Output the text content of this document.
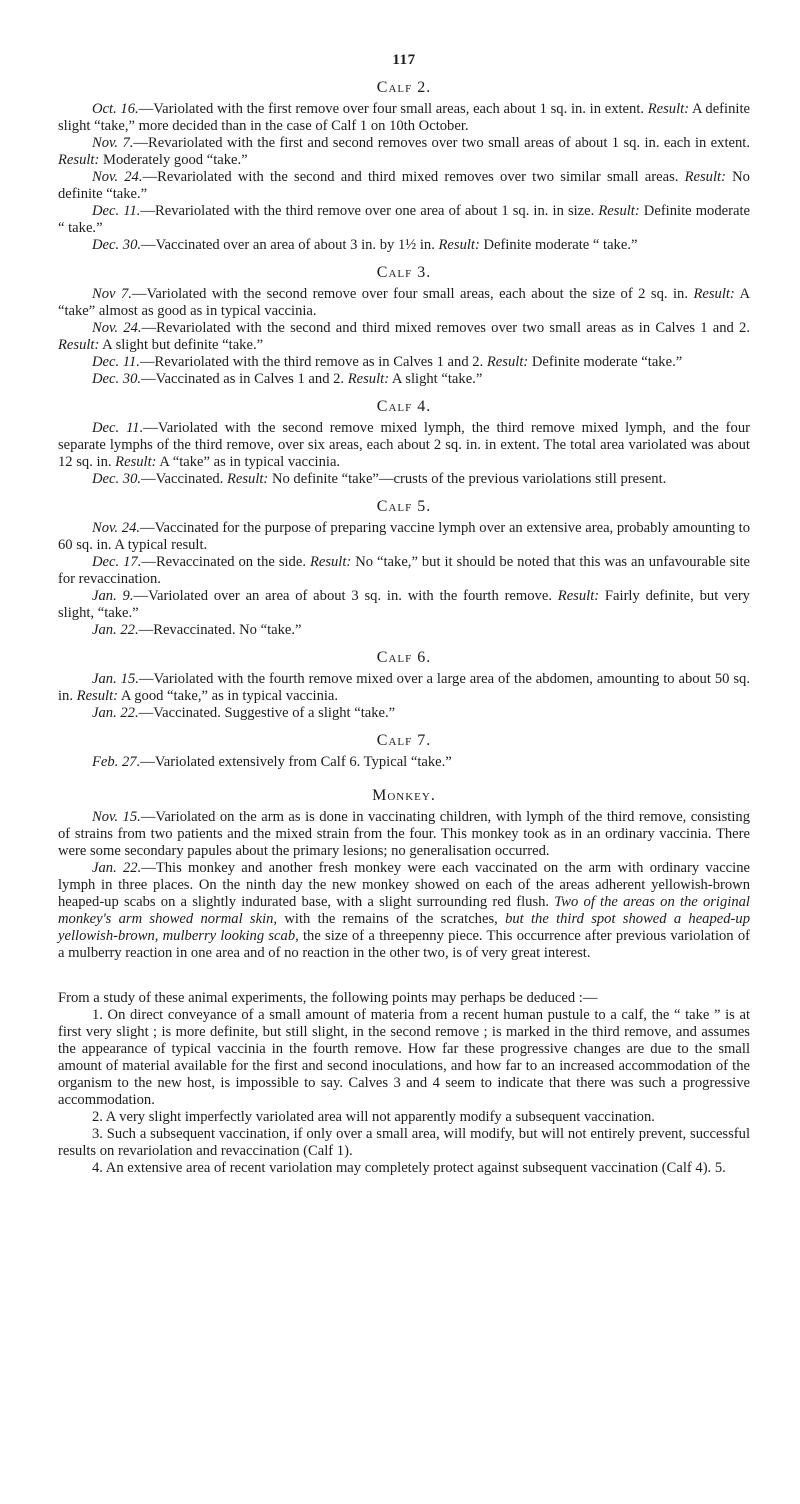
117
Calf 2.

Oct. 16.—Variolated with the first remove over four small areas, each about 1 sq. in. in extent. Result: A definite slight “take,” more decided than in the case of Calf 1 on 10th October.

Nov. 7.—Revariolated with the first and second removes over two small areas of about 1 sq. in. each in extent. Result: Moderately good “take.”

Nov. 24.—Revariolated with the second and third mixed removes over two similar small areas. Result: No definite “take.”

Dec. 11.—Revariolated with the third remove over one area of about 1 sq. in. in size. Result: Definite moderate “ take.”

Dec. 30.—Vaccinated over an area of about 3 in. by 1½ in. Result: Definite moderate “ take.”

Calf 3.

Nov 7.—Variolated with the second remove over four small areas, each about the size of 2 sq. in. Result: A “take” almost as good as in typical vaccinia.

Nov. 24.—Revariolated with the second and third mixed removes over two small areas as in Calves 1 and 2. Result: A slight but definite “take.”

Dec. 11.—Revariolated with the third remove as in Calves 1 and 2. Result: Definite moderate “take.”

Dec. 30.—Vaccinated as in Calves 1 and 2. Result: A slight “take.”

Calf 4.

Dec. 11.—Variolated with the second remove mixed lymph, the third remove mixed lymph, and the four separate lymphs of the third remove, over six areas, each about 2 sq. in. in extent. The total area variolated was about 12 sq. in. Result: A “take” as in typical vaccinia.

Dec. 30.—Vaccinated. Result: No definite “take”—crusts of the previous variolations still present.

Calf 5.

Nov. 24.—Vaccinated for the purpose of preparing vaccine lymph over an extensive area, probably amounting to 60 sq. in. A typical result.

Dec. 17.—Revaccinated on the side. Result: No “take,” but it should be noted that this was an unfavourable site for revaccination.

Jan. 9.—Variolated over an area of about 3 sq. in. with the fourth remove. Result: Fairly definite, but very slight, “take.”

Jan. 22.—Revaccinated. No “take.”

Calf 6.

Jan. 15.—Variolated with the fourth remove mixed over a large area of the abdomen, amounting to about 50 sq. in. Result: A good “take,” as in typical vaccinia.

Jan. 22.—Vaccinated. Suggestive of a slight “take.”

Calf 7.

Feb. 27.—Variolated extensively from Calf 6. Typical “take.”

Monkey.

Nov. 15.—Variolated on the arm as is done in vaccinating children, with lymph of the third remove, consisting of strains from two patients and the mixed strain from the four. This monkey took as in an ordinary vaccinia. There were some secondary papules about the primary lesions; no generalisation occurred.

Jan. 22.—This monkey and another fresh monkey were each vaccinated on the arm with ordinary vaccine lymph in three places. On the ninth day the new monkey showed on each of the areas adherent yellowish-brown heaped-up scabs on a slightly indurated base, with a slight surrounding red flush. Two of the areas on the original monkey's arm showed normal skin, with the remains of the scratches, but the third spot showed a heaped-up yellowish-brown, mulberry looking scab, the size of a threepenny piece. This occurrence after previous variolation of a mulberry reaction in one area and of no reaction in the other two, is of very great interest.

From a study of these animal experiments, the following points may perhaps be deduced :—

1. On direct conveyance of a small amount of materia from a recent human pustule to a calf, the “ take ” is at first very slight ; is more definite, but still slight, in the second remove ; is marked in the third remove, and assumes the appearance of typical vaccinia in the fourth remove. How far these progressive changes are due to the small amount of material available for the first and second inoculations, and how far to an increased accommodation of the organism to the new host, is impossible to say. Calves 3 and 4 seem to indicate that there was such a progressive accommodation.

2. A very slight imperfectly variolated area will not apparently modify a subsequent vaccination.

3. Such a subsequent vaccination, if only over a small area, will modify, but will not entirely prevent, successful results on revariolation and revaccination (Calf 1).

4. An extensive area of recent variolation may completely protect against subsequent vaccination (Calf 4). 5.
